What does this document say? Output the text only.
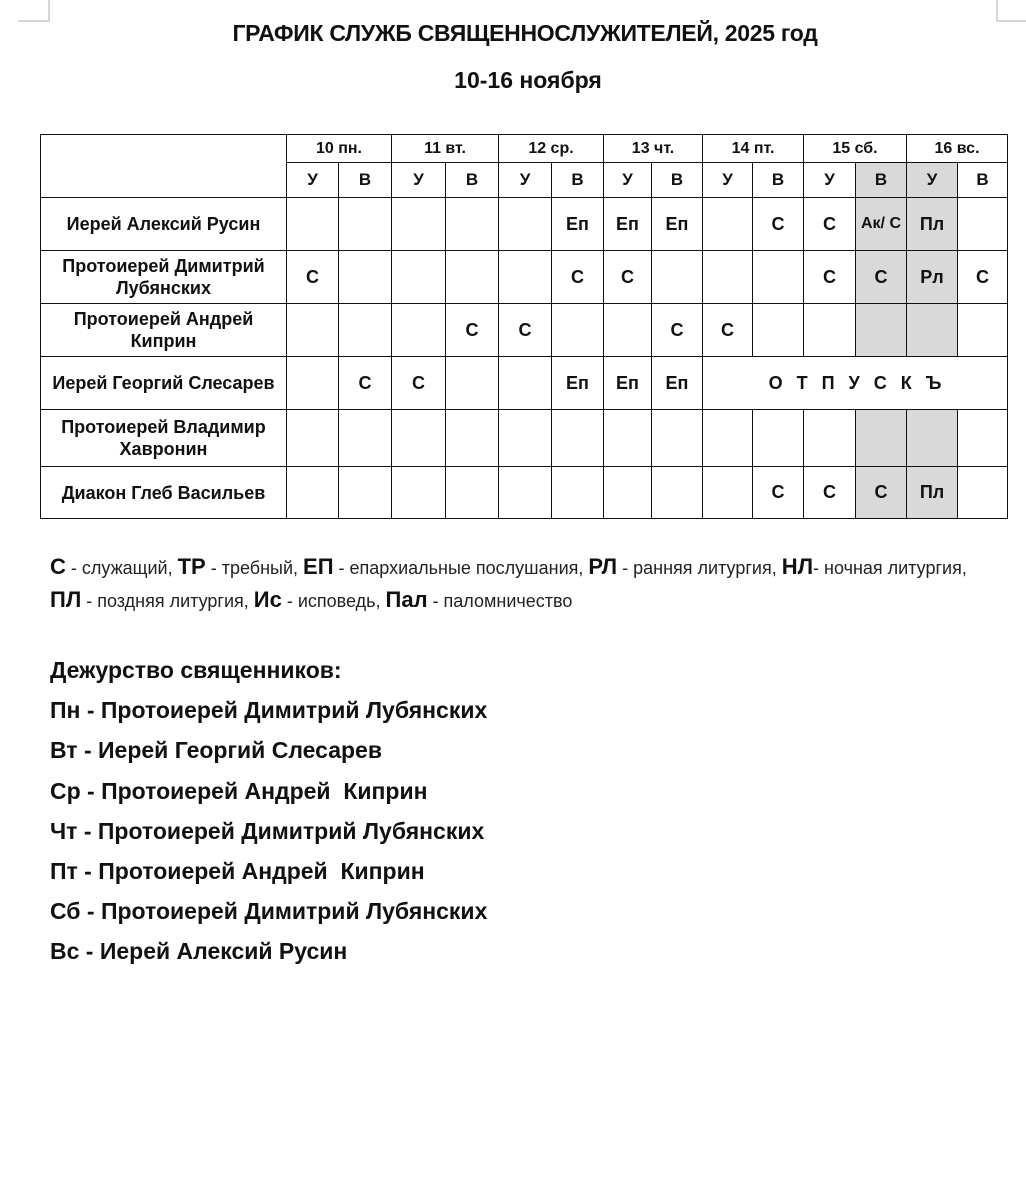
ГРАФИК СЛУЖБ СВЯЩЕННОСЛУЖИТЕЛЕЙ, 2025 год
10-16 ноября
	10 пн.		11 вт.		12 ср.		13 чт.		14 пт.		15 сб.		16 вс.	
	У	В	У	В	У	В	У	В	У	В	У	В	У	В
Иерей Алексий Русин						Еп	Еп	Еп		С	С	Ак/ С	Пл	
Протоиерей Димитрий Лубянских	С					С	С				С	С	Рл	С
Протоиерей Андрей Киприн				С	С			С	С					
Иерей Георгий Слесарев		С	С			Еп	Еп	Еп	ОТПУСКЪ					
Протоиерей Владимир Хавронин														
Диакон Глеб Васильев										С	С	С	Пл	
С - служащий, ТР - требный, ЕП - епархиальные послушания, РЛ - ранняя литургия, НЛ- ночная литургия, ПЛ - поздняя литургия, Ис - исповедь, Пал - паломничество
Дежурство священников:
Пн - Протоиерей Димитрий Лубянских
Вт - Иерей Георгий Слесарев
Ср - Протоиерей Андрей  Киприн
Чт - Протоиерей Димитрий Лубянских
Пт - Протоиерей Андрей  Киприн
Сб - Протоиерей Димитрий Лубянских
Вс - Иерей Алексий Русин
